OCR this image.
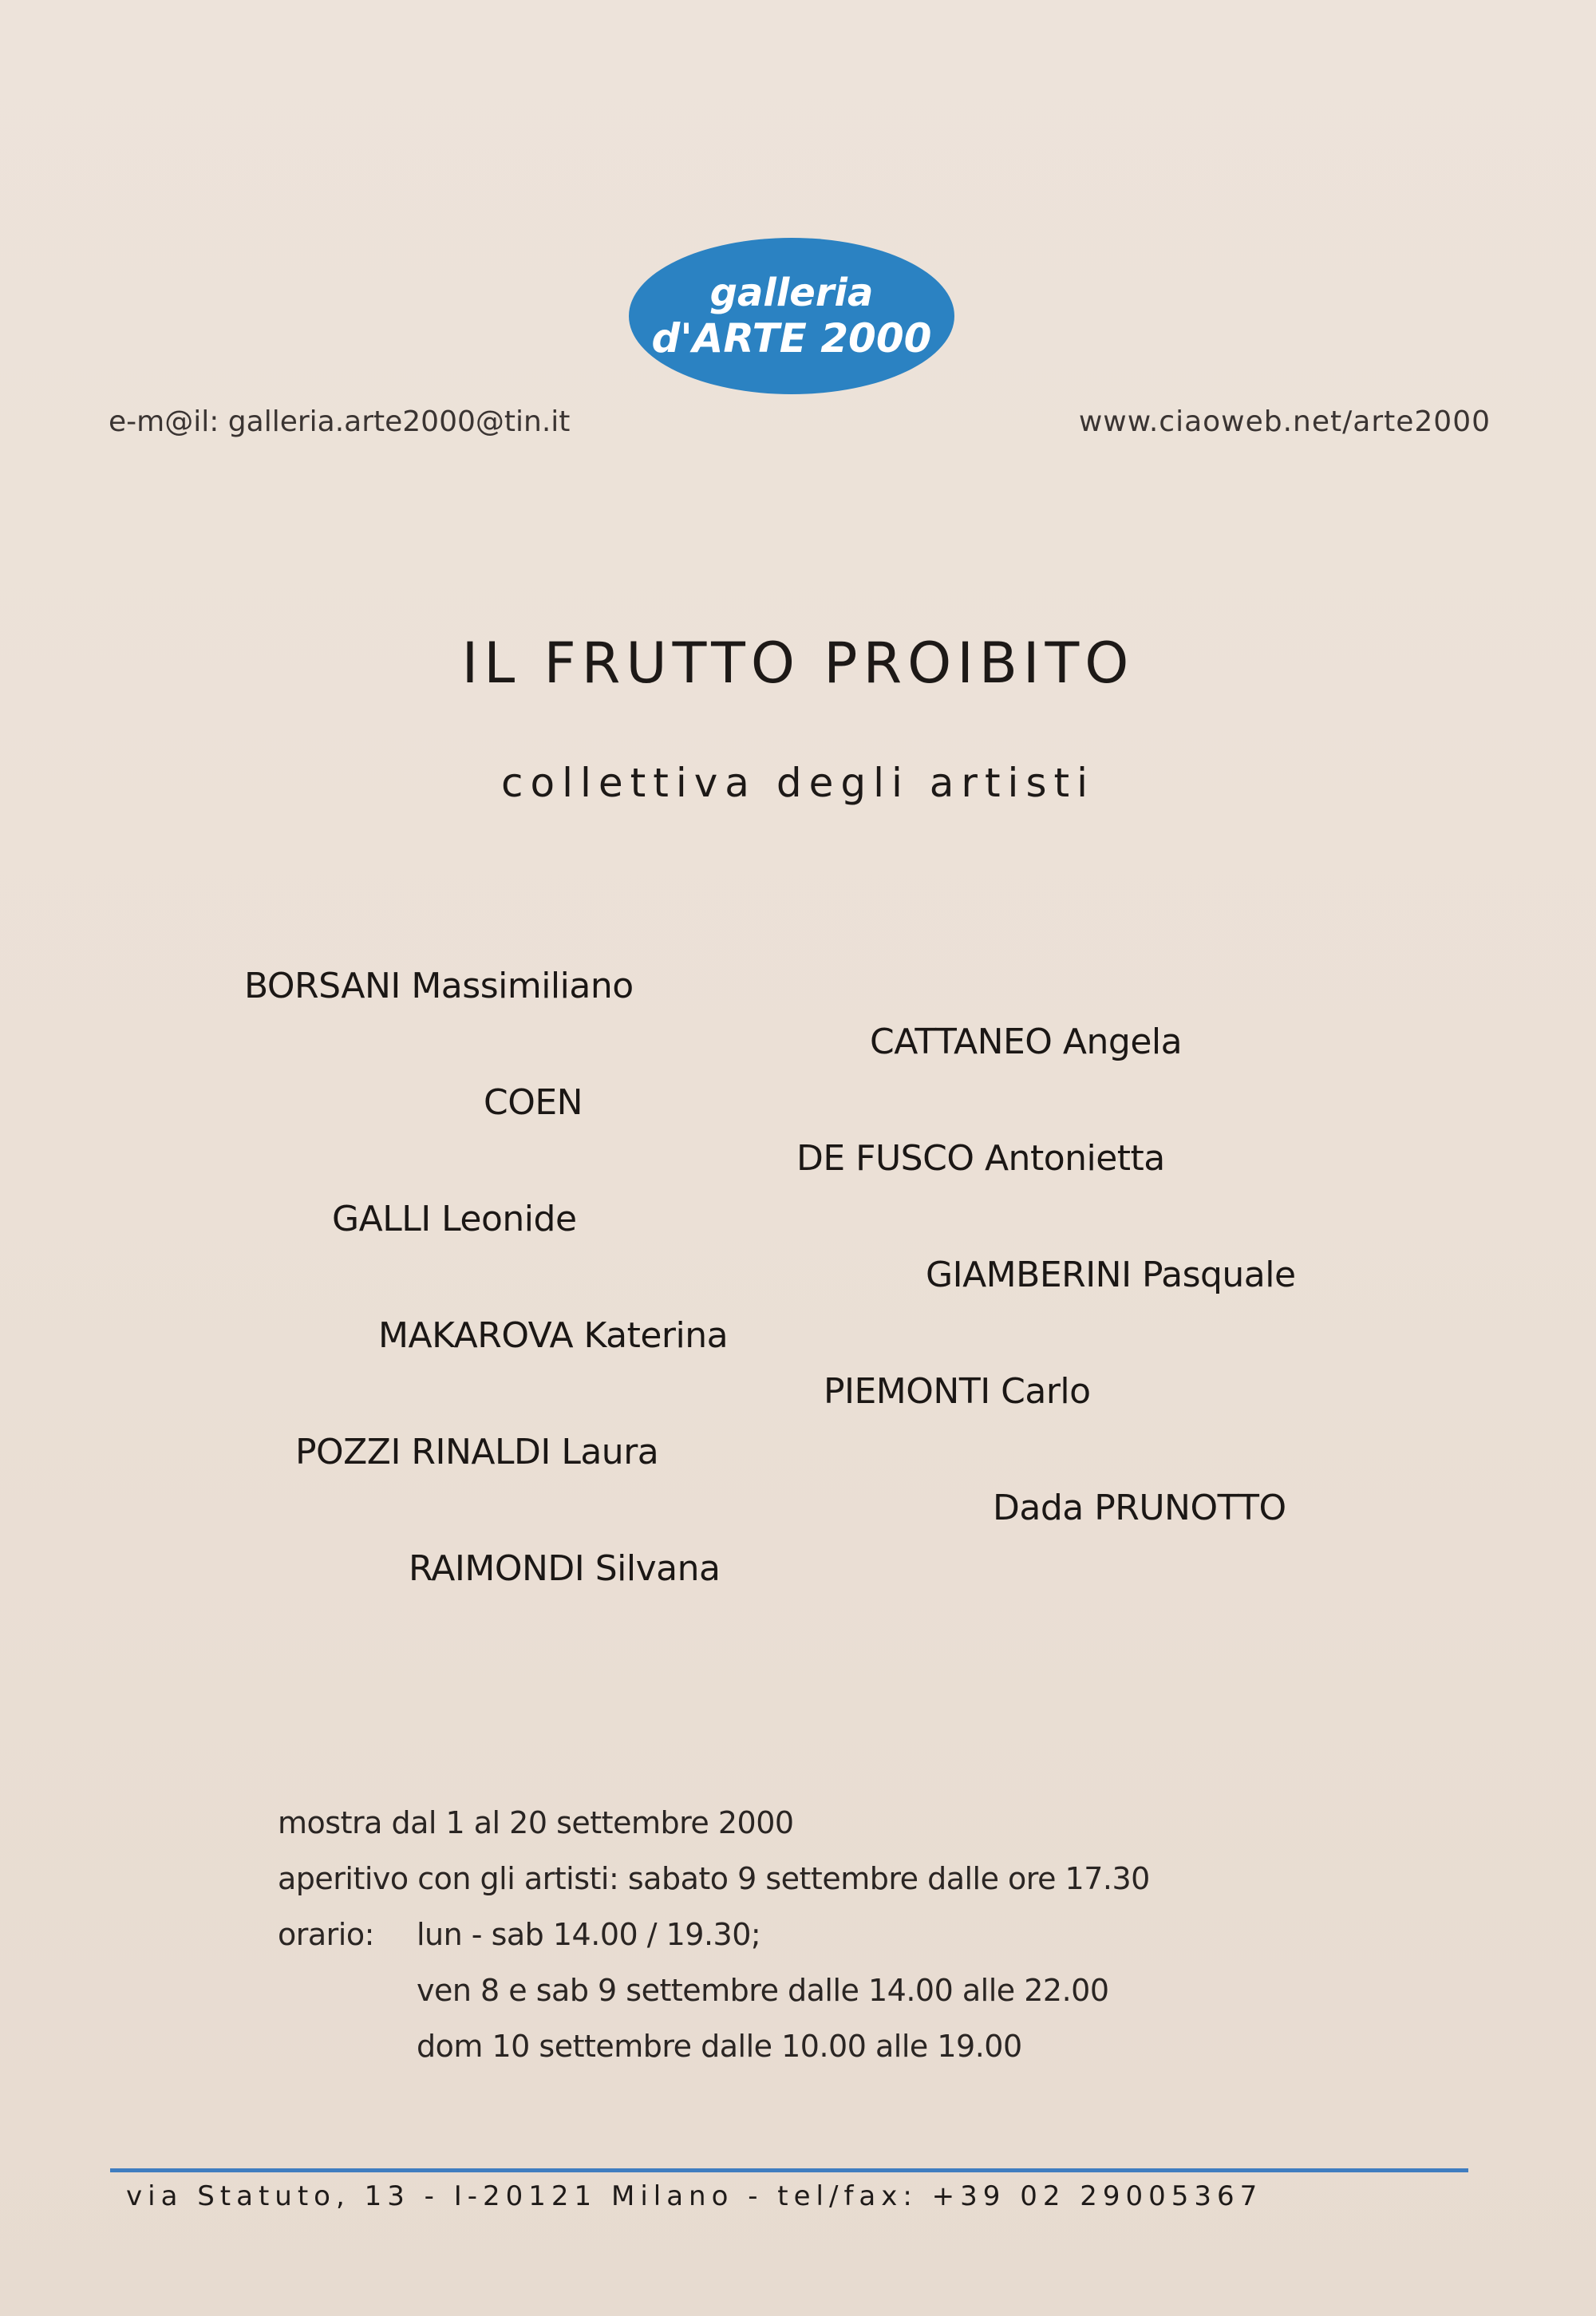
galleria
d'ARTE 2000
e-m@il: galleria.arte2000@tin.it	www.ciaoweb.net/arte2000
IL FRUTTO PROIBITO
collettiva degli artisti
BORSANI Massimiliano
CATTANEO Angela
COEN
DE FUSCO Antonietta
GALLI Leonide
GIAMBERINI Pasquale
MAKAROVA Katerina
PIEMONTI Carlo
POZZI RINALDI Laura
Dada PRUNOTTO
RAIMONDI Silvana
mostra dal 1 al 20 settembre 2000
aperitivo con gli artisti: sabato 9 settembre dalle ore 17.30
orario: lun - sab 14.00 / 19.30;
ven 8 e sab 9 settembre dalle 14.00 alle 22.00
dom 10 settembre dalle 10.00 alle 19.00
via Statuto, 13 - I-20121 Milano - tel/fax: +39 02 29005367
